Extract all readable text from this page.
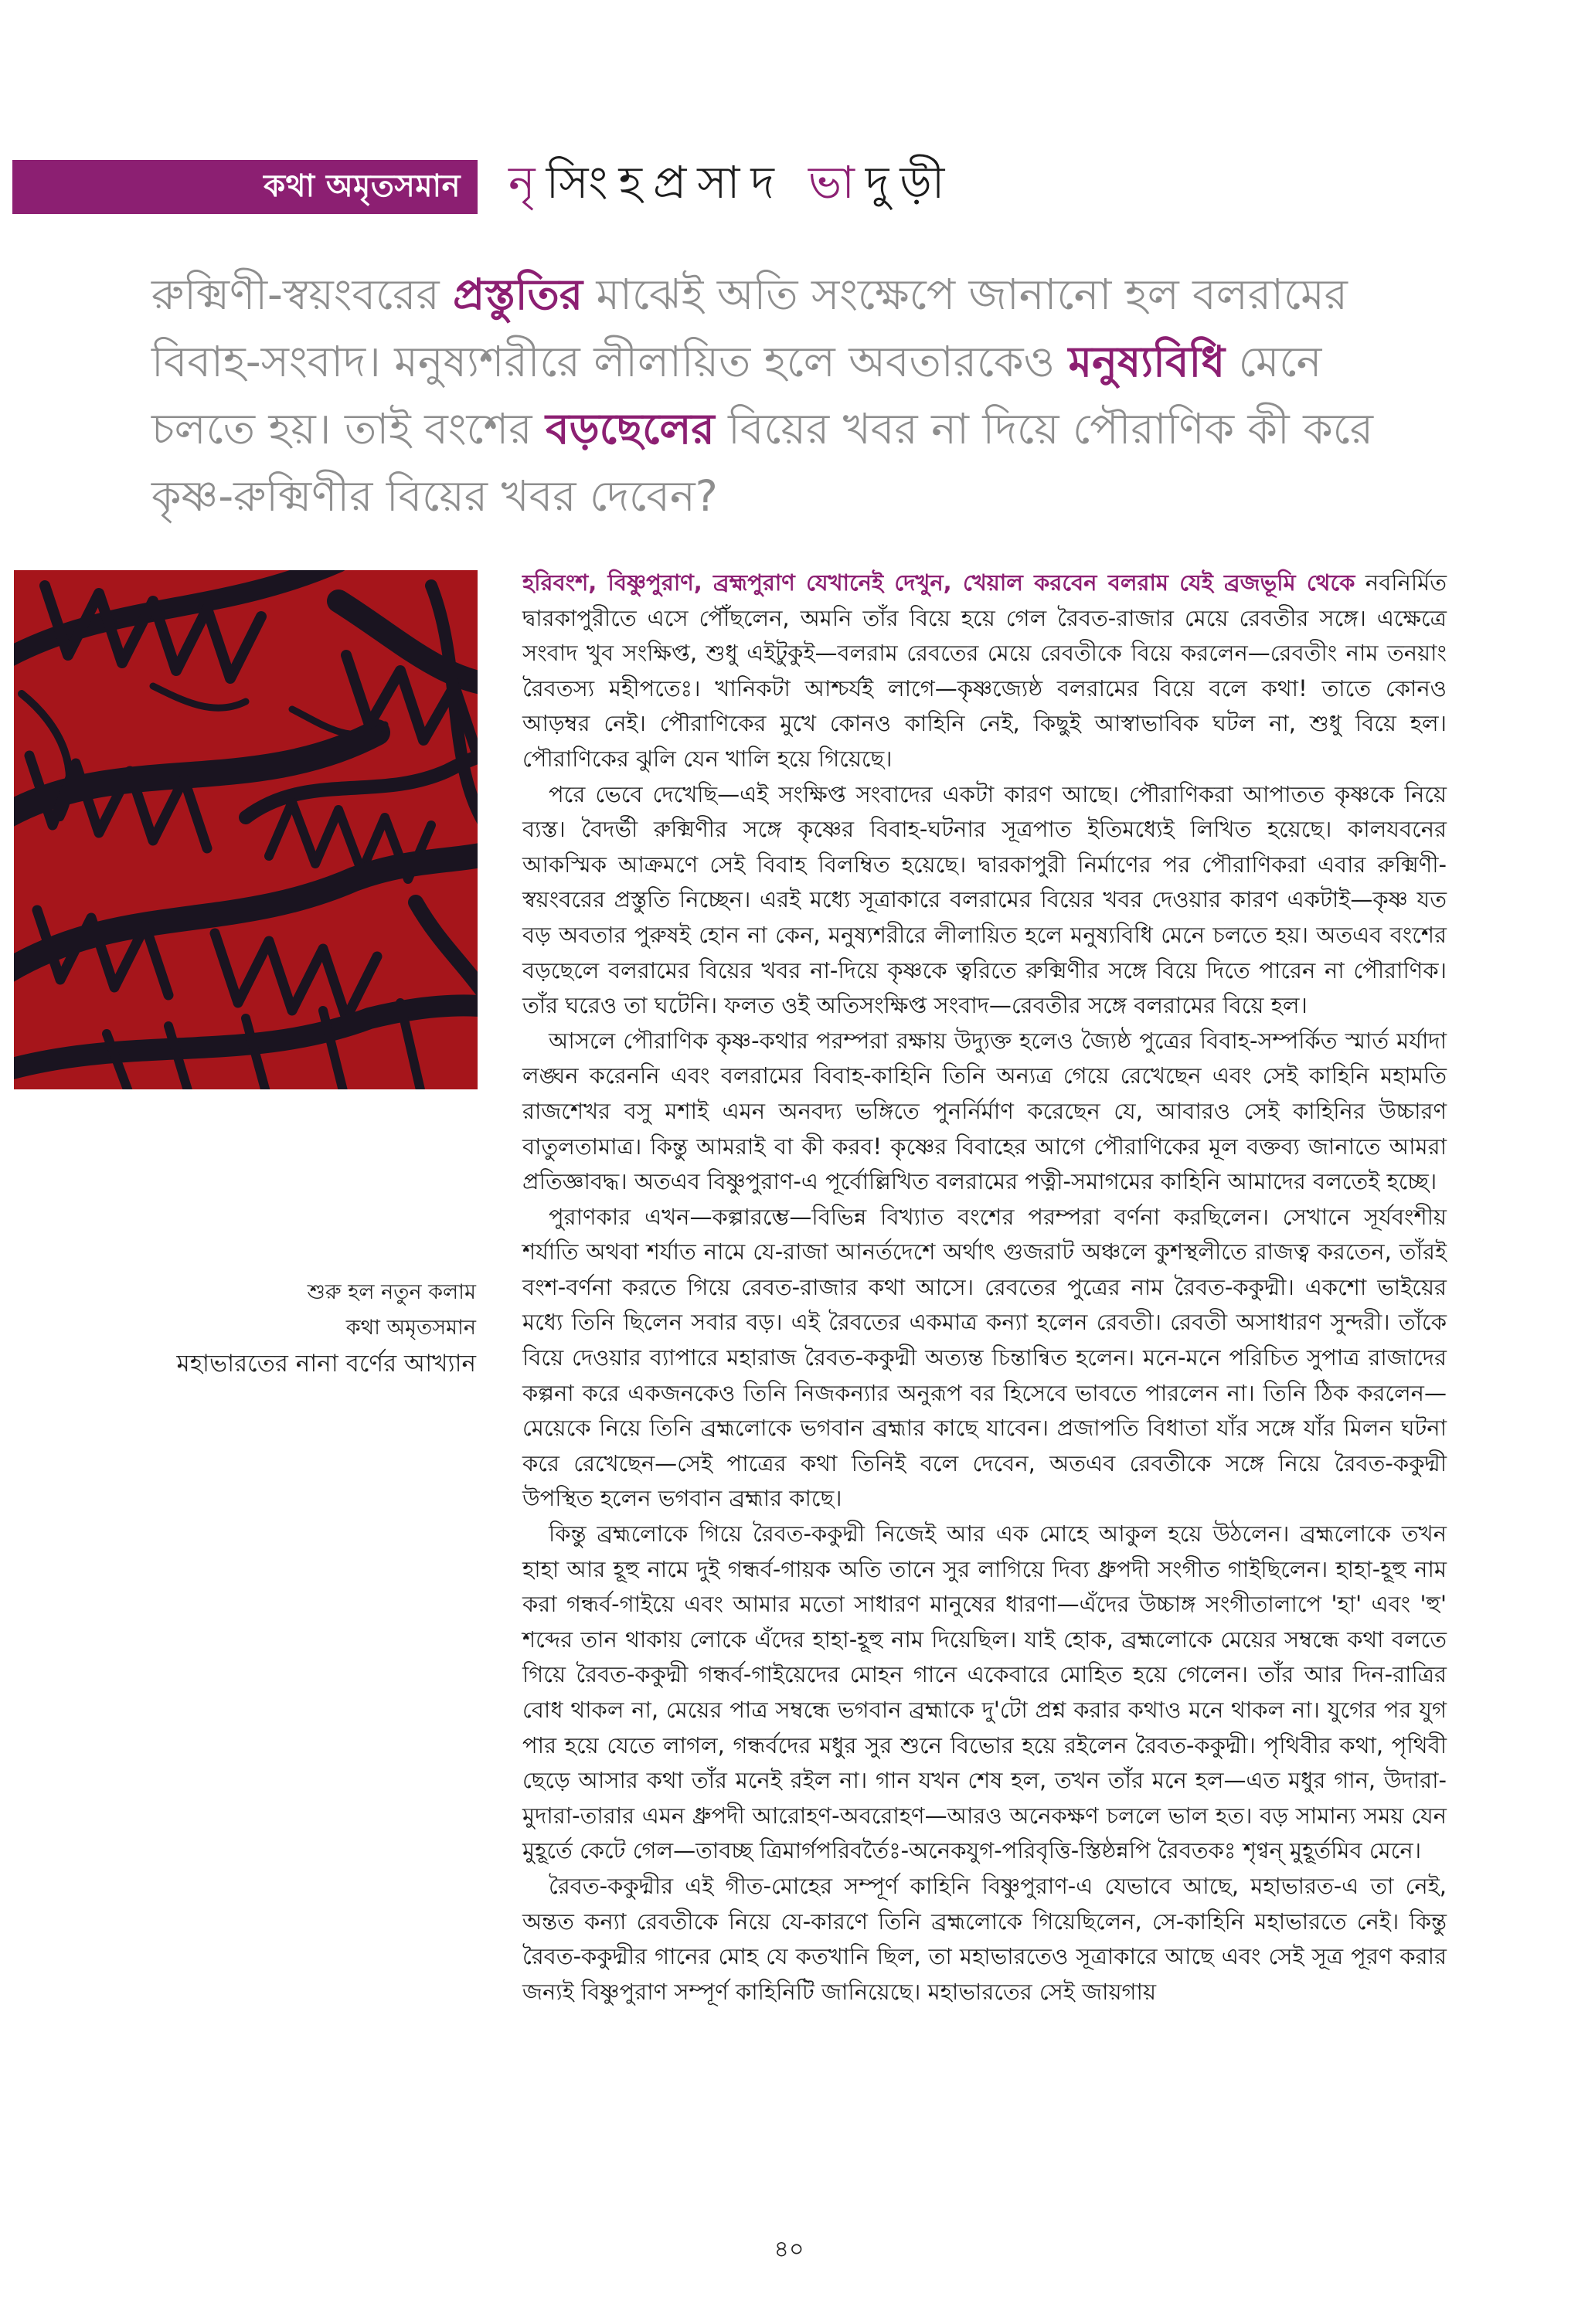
কথা অমৃতসমান	নৃ সিংহপ্রসাদ ভা দুড়ী
রুক্মিণী-স্বয়ংবরের প্রস্তুতির মাঝেই অতি সংক্ষেপে জানানো হল বলরামের বিবাহ-সংবাদ। মনুষ্যশরীরে লীলায়িত হলে অবতারকেও মনুষ্যবিধি মেনে চলতে হয়। তাই বংশের বড়ছেলের বিয়ের খবর না দিয়ে পৌরাণিক কী করে কৃষ্ণ-রুক্মিণীর বিয়ের খবর দেবেন?
শুরু হল নতুন কলাম
কথা অমৃতসমান
মহাভারতের নানা বর্ণের আখ্যান

হরিবংশ, বিষ্ণুপুরাণ, ব্রহ্মপুরাণ যেখানেই দেখুন, খেয়াল করবেন বলরাম যেই ব্রজভূমি থেকে নবনির্মিত দ্বারকাপুরীতে এসে পৌঁছলেন, অমনি তাঁর বিয়ে হয়ে গেল রৈবত-রাজার মেয়ে রেবতীর সঙ্গে। এক্ষেত্রে সংবাদ খুব সংক্ষিপ্ত, শুধু এইটুকুই—বলরাম রেবতের মেয়ে রেবতীকে বিয়ে করলেন—রেবতীং নাম তনয়াং রৈবতস্য মহীপতেঃ। খানিকটা আশ্চর্যই লাগে—কৃষ্ণজ্যেষ্ঠ বলরামের বিয়ে বলে কথা! তাতে কোনও আড়ম্বর নেই। পৌরাণিকের মুখে কোনও কাহিনি নেই, কিছুই আস্বাভাবিক ঘটল না, শুধু বিয়ে হল। পৌরাণিকের ঝুলি যেন খালি হয়ে গিয়েছে।

পরে ভেবে দেখেছি—এই সংক্ষিপ্ত সংবাদের একটা কারণ আছে। পৌরাণিকরা আপাতত কৃষ্ণকে নিয়ে ব্যস্ত। বৈদর্ভী রুক্মিণীর সঙ্গে কৃষ্ণের বিবাহ-ঘটনার সূত্রপাত ইতিমধ্যেই লিখিত হয়েছে। কালযবনের আকস্মিক আক্রমণে সেই বিবাহ বিলম্বিত হয়েছে। দ্বারকাপুরী নির্মাণের পর পৌরাণিকরা এবার রুক্মিণী-স্বয়ংবরের প্রস্তুতি নিচ্ছেন। এরই মধ্যে সূত্রাকারে বলরামের বিয়ের খবর দেওয়ার কারণ একটাই—কৃষ্ণ যত বড় অবতার পুরুষই হোন না কেন, মনুষ্যশরীরে লীলায়িত হলে মনুষ্যবিধি মেনে চলতে হয়। অতএব বংশের বড়ছেলে বলরামের বিয়ের খবর না-দিয়ে কৃষ্ণকে ত্বরিতে রুক্মিণীর সঙ্গে বিয়ে দিতে পারেন না পৌরাণিক। তাঁর ঘরেও তা ঘটেনি। ফলত ওই অতিসংক্ষিপ্ত সংবাদ—রেবতীর সঙ্গে বলরামের বিয়ে হল।

আসলে পৌরাণিক কৃষ্ণ-কথার পরম্পরা রক্ষায় উদ্যুক্ত হলেও জ্যৈষ্ঠ পুত্রের বিবাহ-সম্পর্কিত স্মার্ত মর্যাদা লঙ্ঘন করেননি এবং বলরামের বিবাহ-কাহিনি তিনি অন্যত্র গেয়ে রেখেছেন এবং সেই কাহিনি মহামতি রাজশেখর বসু মশাই এমন অনবদ্য ভঙ্গিতে পুনর্নির্মাণ করেছেন যে, আবারও সেই কাহিনির উচ্চারণ বাতুলতামাত্র। কিন্তু আমরাই বা কী করব! কৃষ্ণের বিবাহের আগে পৌরাণিকের মূল বক্তব্য জানাতে আমরা প্রতিজ্ঞাবদ্ধ। অতএব বিষ্ণুপুরাণ-এ পূর্বোল্লিখিত বলরামের পত্নী-সমাগমের কাহিনি আমাদের বলতেই হচ্ছে।

পুরাণকার এখন—কল্পারম্ভে—বিভিন্ন বিখ্যাত বংশের পরম্পরা বর্ণনা করছিলেন। সেখানে সূর্যবংশীয় শর্যাতি অথবা শর্যাত নামে যে-রাজা আনর্তদেশে অর্থাৎ গুজরাট অঞ্চলে কুশস্থলীতে রাজত্ব করতেন, তাঁরই বংশ-বর্ণনা করতে গিয়ে রেবত-রাজার কথা আসে। রেবতের পুত্রের নাম রৈবত-ককুদ্মী। একশো ভাইয়ের মধ্যে তিনি ছিলেন সবার বড়। এই রৈবতের একমাত্র কন্যা হলেন রেবতী। রেবতী অসাধারণ সুন্দরী। তাঁকে বিয়ে দেওয়ার ব্যাপারে মহারাজ রৈবত-ককুদ্মী অত্যন্ত চিন্তান্বিত হলেন। মনে-মনে পরিচিত সুপাত্র রাজাদের কল্পনা করে একজনকেও তিনি নিজকন্যার অনুরূপ বর হিসেবে ভাবতে পারলেন না। তিনি ঠিক করলেন—মেয়েকে নিয়ে তিনি ব্রহ্মলোকে ভগবান ব্রহ্মার কাছে যাবেন। প্রজাপতি বিধাতা যাঁর সঙ্গে যাঁর মিলন ঘটনা করে রেখেছেন—সেই পাত্রের কথা তিনিই বলে দেবেন, অতএব রেবতীকে সঙ্গে নিয়ে রৈবত-ককুদ্মী উপস্থিত হলেন ভগবান ব্রহ্মার কাছে।

কিন্তু ব্রহ্মলোকে গিয়ে রৈবত-ককুদ্মী নিজেই আর এক মোহে আকুল হয়ে উঠলেন। ব্রহ্মলোকে তখন হাহা আর হূহু নামে দুই গন্ধর্ব-গায়ক অতি তানে সুর লাগিয়ে দিব্য ধ্রুপদী সংগীত গাইছিলেন। হাহা-হূহু নাম করা গন্ধর্ব-গাইয়ে এবং আমার মতো সাধারণ মানুষের ধারণা—এঁদের উচ্চাঙ্গ সংগীতালাপে 'হা' এবং 'হু' শব্দের তান থাকায় লোকে এঁদের হাহা-হূহু নাম দিয়েছিল। যাই হোক, ব্রহ্মলোকে মেয়ের সম্বন্ধে কথা বলতে গিয়ে রৈবত-ককুদ্মী গন্ধর্ব-গাইয়েদের মোহন গানে একেবারে মোহিত হয়ে গেলেন। তাঁর আর দিন-রাত্রির বোধ থাকল না, মেয়ের পাত্র সম্বন্ধে ভগবান ব্রহ্মাকে দু'টো প্রশ্ন করার কথাও মনে থাকল না। যুগের পর যুগ পার হয়ে যেতে লাগল, গন্ধর্বদের মধুর সুর শুনে বিভোর হয়ে রইলেন রৈবত-ককুদ্মী। পৃথিবীর কথা, পৃথিবী ছেড়ে আসার কথা তাঁর মনেই রইল না। গান যখন শেষ হল, তখন তাঁর মনে হল—এত মধুর গান, উদারা-মুদারা-তারার এমন ধ্রুপদী আরোহণ-অবরোহণ—আরও অনেকক্ষণ চললে ভাল হত। বড় সামান্য সময় যেন মুহূর্তে কেটে গেল—তাবচ্ছ ত্রিমার্গপরিবর্তৈঃ-অনেকযুগ-পরিবৃত্তি-স্তিষ্ঠন্নপি রৈবতকঃ শৃণ্বন্ মুহূর্তমিব মেনে।

রৈবত-ককুদ্মীর এই গীত-মোহের সম্পূর্ণ কাহিনি বিষ্ণুপুরাণ-এ যেভাবে আছে, মহাভারত-এ তা নেই, অন্তত কন্যা রেবতীকে নিয়ে যে-কারণে তিনি ব্রহ্মলোকে গিয়েছিলেন, সে-কাহিনি মহাভারতে নেই। কিন্তু রৈবত-ককুদ্মীর গানের মোহ যে কতখানি ছিল, তা মহাভারতেও সূত্রাকারে আছে এবং সেই সূত্র পূরণ করার জন্যই বিষ্ণুপুরাণ সম্পূর্ণ কাহিনিটি জানিয়েছে। মহাভারতের সেই জায়গায়

৪০
